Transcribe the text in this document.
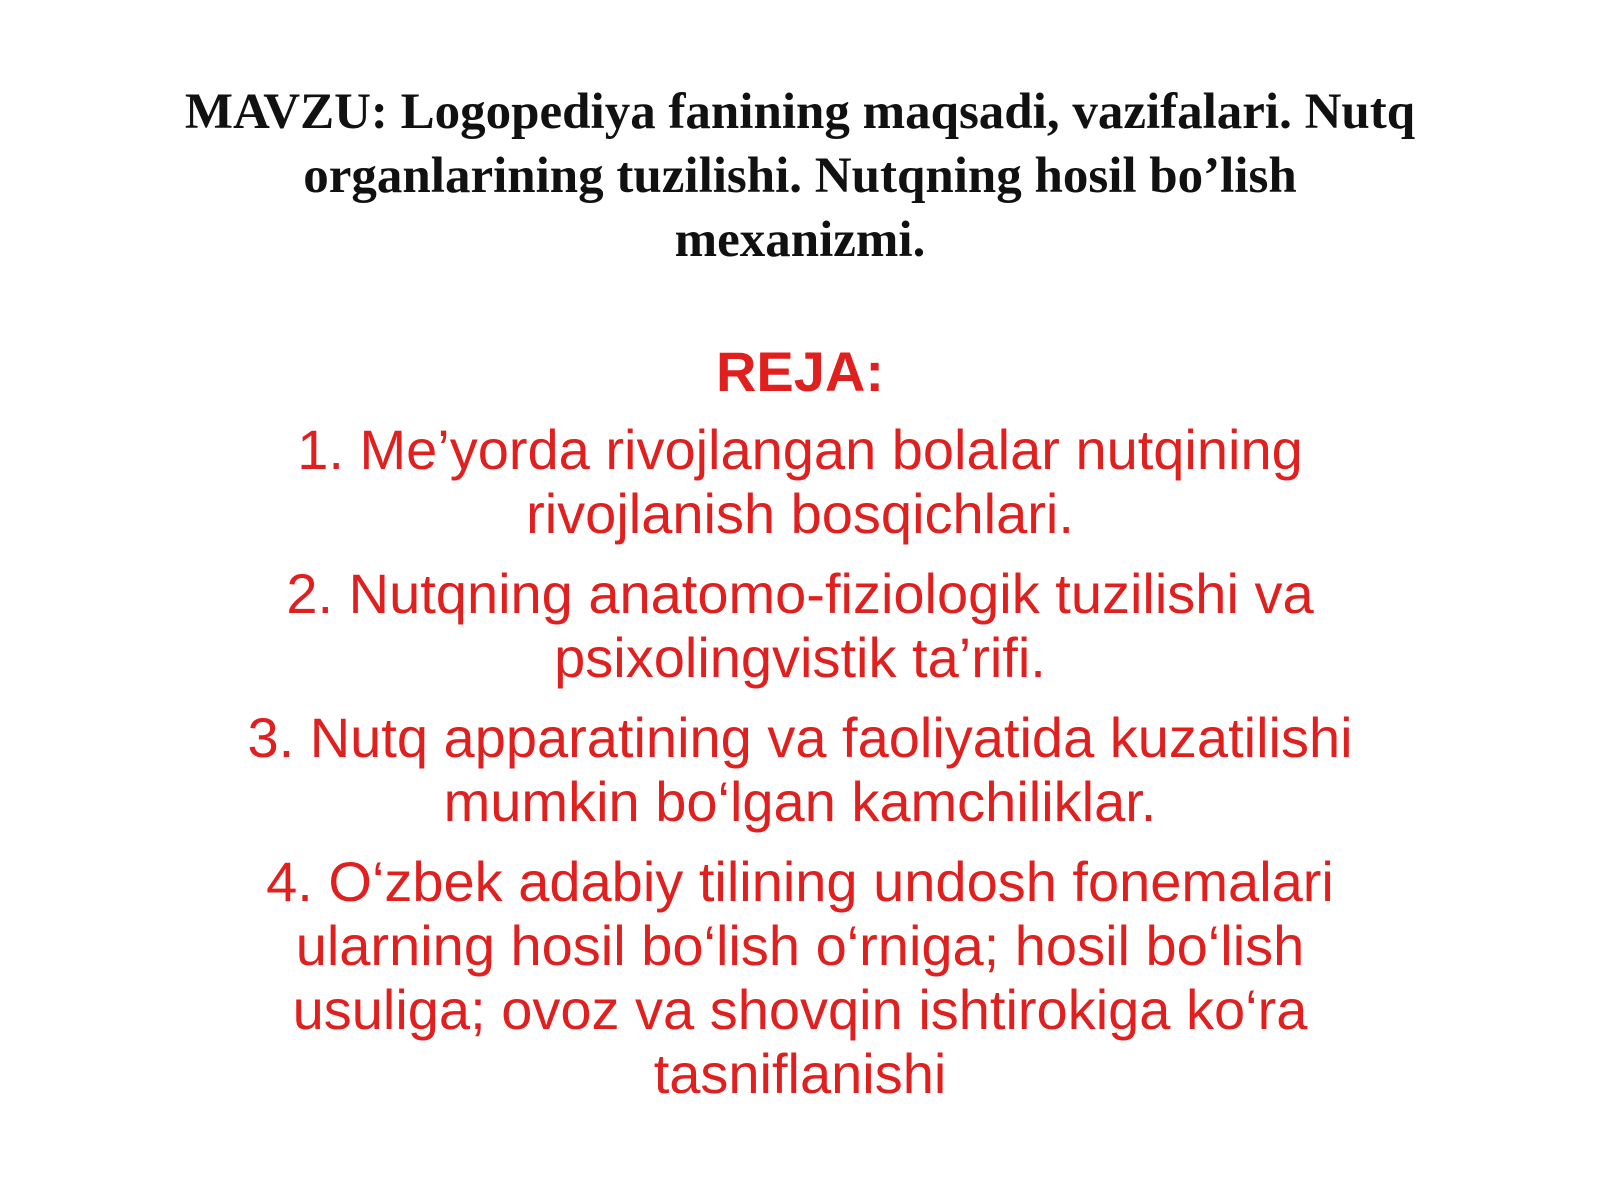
MAVZU: Logopediya fanining maqsadi, vazifalari. Nutq
organlarining tuzilishi. Nutqning hosil bo’lish
mexanizmi.
REJA:
1. Me’yorda rivojlangan bolalar nutqining
rivojlanish bosqichlari.
2. Nutqning anatomo-fiziologik tuzilishi va
psixolingvistik ta’rifi.
3. Nutq apparatining va faoliyatida kuzatilishi
mumkin bo‘lgan kamchiliklar.
4. O‘zbek adabiy tilining undosh fonemalari
ularning hosil bo‘lish o‘rniga; hosil bo‘lish
usuliga; ovoz va shovqin ishtirokiga ko‘ra
tasniflanishi
